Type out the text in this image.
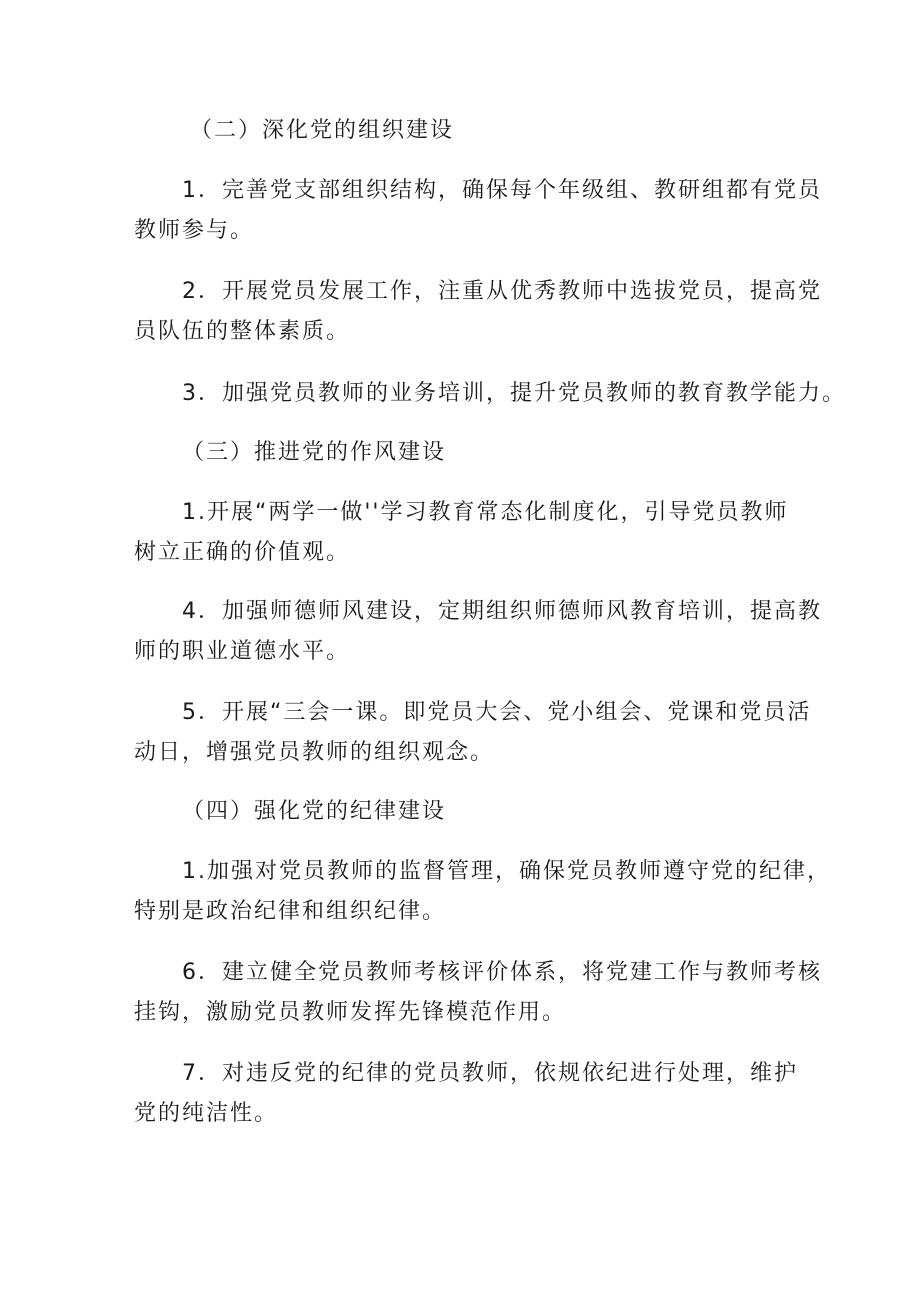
（二）深化党的组织建设
1．完善党支部组织结构，确保每个年级组、教研组都有党员
教师参与。
2．开展党员发展工作，注重从优秀教师中选拔党员，提高党
员队伍的整体素质。
3．加强党员教师的业务培训，提升党员教师的教育教学能力。
（三）推进党的作风建设
1.开展“两学一做''学习教育常态化制度化，引导党员教师
树立正确的价值观。
4．加强师德师风建设，定期组织师德师风教育培训，提高教
师的职业道德水平。
5．开展“三会一课。即党员大会、党小组会、党课和党员活
动日，增强党员教师的组织观念。
（四）强化党的纪律建设
1.加强对党员教师的监督管理，确保党员教师遵守党的纪律，
特别是政治纪律和组织纪律。
6．建立健全党员教师考核评价体系，将党建工作与教师考核
挂钩，激励党员教师发挥先锋模范作用。
7．对违反党的纪律的党员教师，依规依纪进行处理，维护
党的纯洁性。
